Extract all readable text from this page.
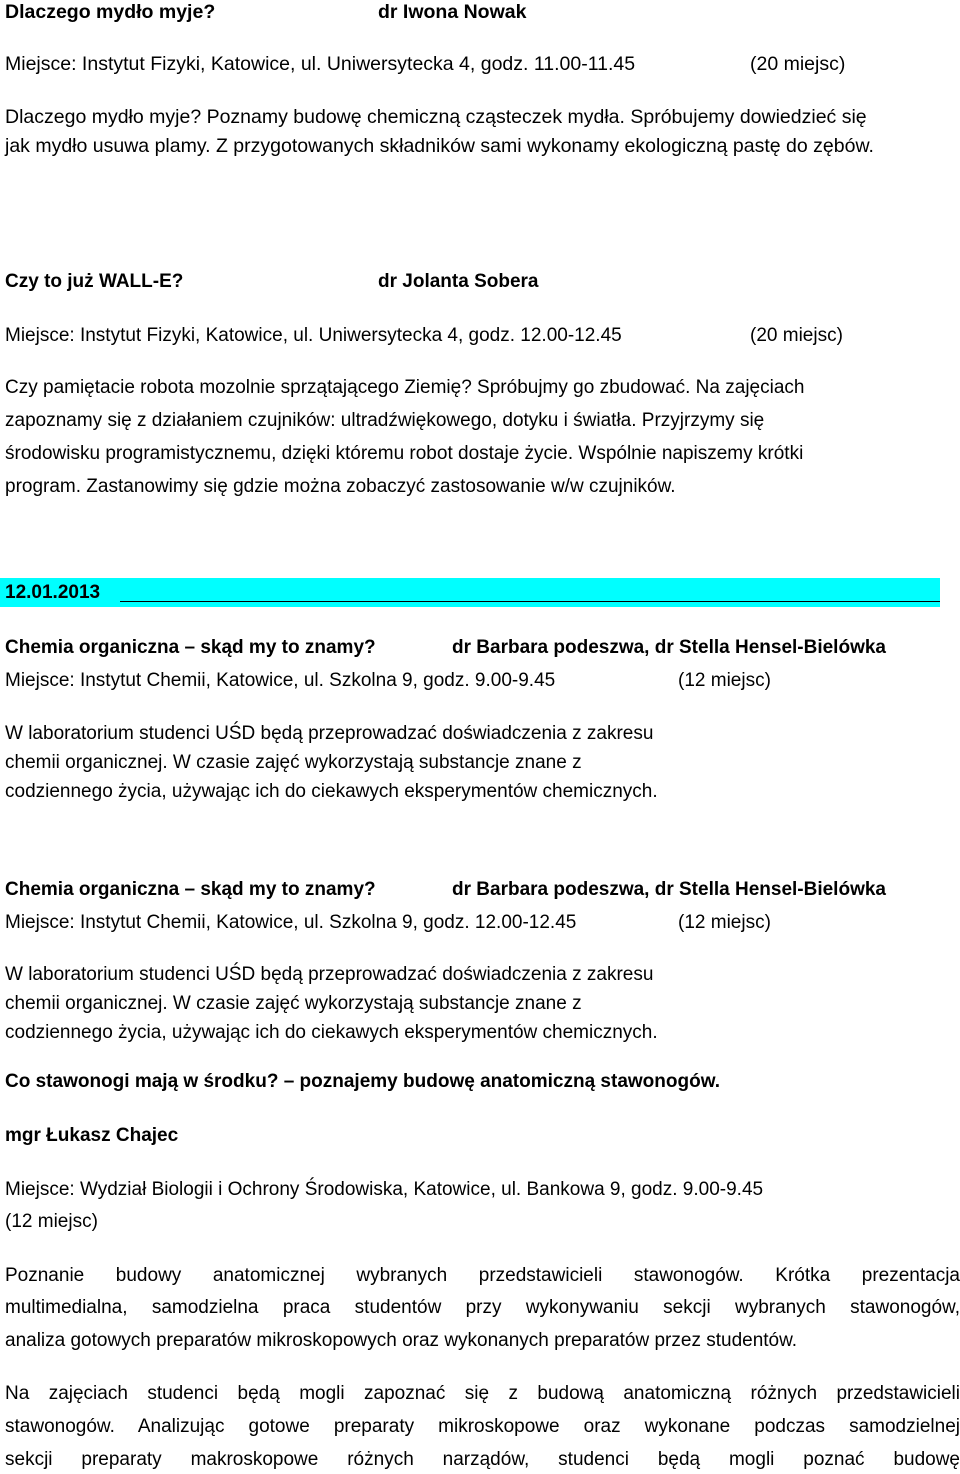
Dlaczego mydło myje?	dr Iwona Nowak
Miejsce: Instytut Fizyki, Katowice, ul. Uniwersytecka 4, godz. 11.00-11.45	(20 miejsc)
Dlaczego mydło myje? Poznamy budowę chemiczną cząsteczek mydła. Spróbujemy dowiedzieć się
jak mydło usuwa plamy. Z przygotowanych składników sami wykonamy ekologiczną pastę do zębów.
Czy to już WALL-E?	dr Jolanta Sobera
Miejsce: Instytut Fizyki, Katowice, ul. Uniwersytecka 4, godz. 12.00-12.45	(20 miejsc)
Czy pamiętacie robota mozolnie sprzątającego Ziemię? Spróbujmy go zbudować. Na zajęciach
zapoznamy się z działaniem czujników: ultradźwiękowego, dotyku i światła. Przyjrzymy się
środowisku programistycznemu, dzięki któremu robot dostaje życie. Wspólnie napiszemy krótki
program. Zastanowimy się gdzie można zobaczyć zastosowanie w/w czujników.
12.01.2013
Chemia organiczna – skąd my to znamy?	dr Barbara podeszwa, dr Stella Hensel-Bielówka
Miejsce: Instytut Chemii, Katowice, ul. Szkolna 9, godz. 9.00-9.45	(12 miejsc)
W laboratorium studenci UŚD będą przeprowadzać doświadczenia z zakresu
chemii organicznej. W czasie zajęć wykorzystają substancje znane z
codziennego życia, używając ich do ciekawych eksperymentów chemicznych.
Chemia organiczna – skąd my to znamy?	dr Barbara podeszwa, dr Stella Hensel-Bielówka
Miejsce: Instytut Chemii, Katowice, ul. Szkolna 9, godz. 12.00-12.45	(12 miejsc)
W laboratorium studenci UŚD będą przeprowadzać doświadczenia z zakresu
chemii organicznej. W czasie zajęć wykorzystają substancje znane z
codziennego życia, używając ich do ciekawych eksperymentów chemicznych.
Co stawonogi mają w środku? – poznajemy budowę anatomiczną stawonogów.
mgr Łukasz Chajec
Miejsce: Wydział Biologii i Ochrony Środowiska, Katowice, ul. Bankowa 9, godz. 9.00-9.45
(12 miejsc)
Poznanie budowy anatomicznej wybranych przedstawicieli stawonogów. Krótka prezentacja
multimedialna, samodzielna praca studentów przy wykonywaniu sekcji wybranych stawonogów,
analiza gotowych preparatów mikroskopowych oraz wykonanych preparatów przez studentów.
Na zajęciach studenci będą mogli zapoznać się z budową anatomiczną różnych przedstawicieli
stawonogów. Analizując gotowe preparaty mikroskopowe oraz wykonane podczas samodzielnej
sekcji preparaty makroskopowe różnych narządów, studenci będą mogli poznać budowę
